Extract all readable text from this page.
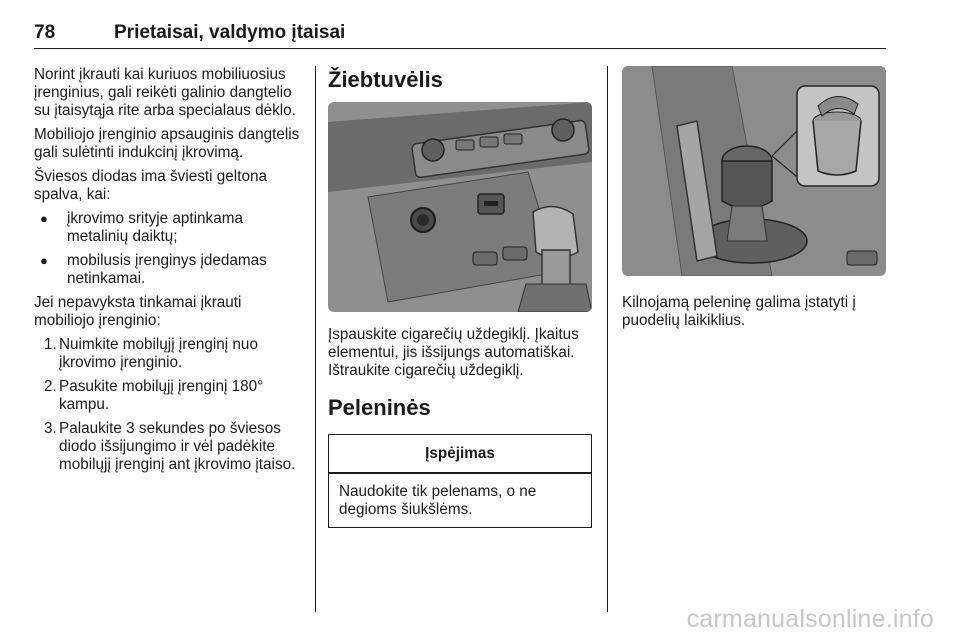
78	Prietaisai, valdymo įtaisai

Norint įkrauti kai kuriuos mobiliuosius įrenginius, gali reikėti galinio dangtelio su įtaisytąja rite arba specialaus dėklo.

Mobiliojo įrenginio apsauginis dangtelis gali sulėtinti indukcinį įkrovimą.

Šviesos diodas ima šviesti geltona spalva, kai:

● įkrovimo srityje aptinkama metalinių daiktų;
● mobilusis įrenginys įdedamas netinkamai.

Jei nepavyksta tinkamai įkrauti mobiliojo įrenginio:

1. Nuimkite mobilųjį įrenginį nuo įkrovimo įrenginio.
2. Pasukite mobilųjį įrenginį 180° kampu.
3. Palaukite 3 sekundes po šviesos diodo išsijungimo ir vėl padėkite mobilųjį įrenginį ant įkrovimo įtaiso.
Žiebtuvėlis
Įspauskite cigarečių uždegiklį. Įkaitus elementui, jis išsijungs automatiškai. Ištraukite cigarečių uždegiklį.
Peleninės
Įspėjimas
Naudokite tik pelenams, o ne degioms šiukšlėms.
Kilnojamą peleninę galima įstatyti į puodelių laikiklius.
carmanualsonline.info
